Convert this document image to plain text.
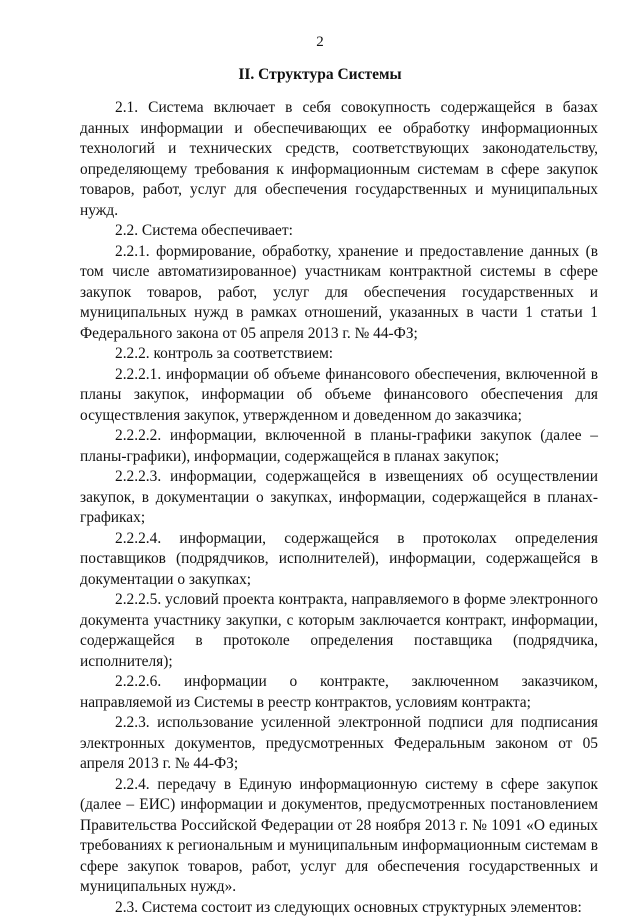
2
II. Структура Системы

2.1. Система включает в себя совокупность содержащейся в базах данных информации и обеспечивающих ее обработку информационных технологий и технических средств, соответствующих законодательству, определяющему требования к информационным системам в сфере закупок товаров, работ, услуг для обеспечения государственных и муниципальных нужд.

2.2. Система обеспечивает:

2.2.1. формирование, обработку, хранение и предоставление данных (в том числе автоматизированное) участникам контрактной системы в сфере закупок товаров, работ, услуг для обеспечения государственных и муниципальных нужд в рамках отношений, указанных в части 1 статьи 1 Федерального закона от 05 апреля 2013 г. № 44-ФЗ;

2.2.2. контроль за соответствием:

2.2.2.1. информации об объеме финансового обеспечения, включенной в планы закупок, информации об объеме финансового обеспечения для осуществления закупок, утвержденном и доведенном до заказчика;

2.2.2.2. информации, включенной в планы-графики закупок (далее – планы-графики), информации, содержащейся в планах закупок;

2.2.2.3. информации, содержащейся в извещениях об осуществлении закупок, в документации о закупках, информации, содержащейся в планах-графиках;

2.2.2.4. информации, содержащейся в протоколах определения поставщиков (подрядчиков, исполнителей), информации, содержащейся в документации о закупках;

2.2.2.5. условий проекта контракта, направляемого в форме электронного документа участнику закупки, с которым заключается контракт, информации, содержащейся в протоколе определения поставщика (подрядчика, исполнителя);

2.2.2.6. информации о контракте, заключенном заказчиком, направляемой из Системы в реестр контрактов, условиям контракта;

2.2.3. использование усиленной электронной подписи для подписания электронных документов, предусмотренных Федеральным законом от 05 апреля 2013 г. № 44-ФЗ;

2.2.4. передачу в Единую информационную систему в сфере закупок (далее – ЕИС) информации и документов, предусмотренных постановлением Правительства Российской Федерации от 28 ноября 2013 г. № 1091 «О единых требованиях к региональным и муниципальным информационным системам в сфере закупок товаров, работ, услуг для обеспечения государственных и муниципальных нужд».

2.3. Система состоит из следующих основных структурных элементов:
